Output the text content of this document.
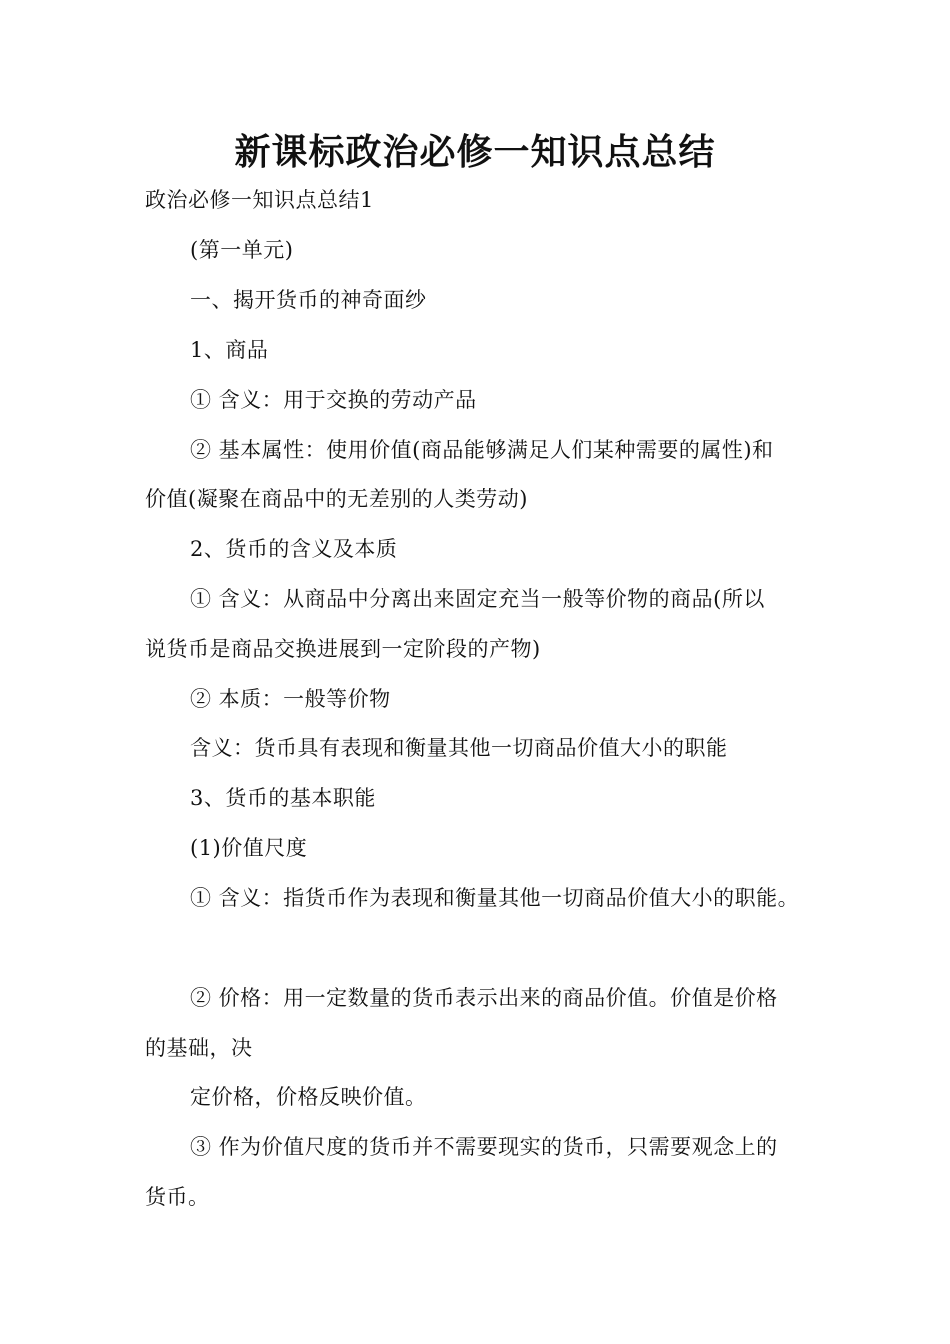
新课标政治必修一知识点总结
政治必修一知识点总结1
(第一单元)
一、揭开货币的神奇面纱
1、商品
① 含义：用于交换的劳动产品
② 基本属性：使用价值(商品能够满足人们某种需要的属性)和
价值(凝聚在商品中的无差别的人类劳动)
2、货币的含义及本质
① 含义：从商品中分离出来固定充当一般等价物的商品(所以
说货币是商品交换进展到一定阶段的产物)
② 本质：一般等价物
含义：货币具有表现和衡量其他一切商品价值大小的职能
3、货币的基本职能
(1)价值尺度
① 含义：指货币作为表现和衡量其他一切商品价值大小的职能。
② 价格：用一定数量的货币表示出来的商品价值。价值是价格
的基础，决
定价格，价格反映价值。
③ 作为价值尺度的货币并不需要现实的货币，只需要观念上的
货币。
